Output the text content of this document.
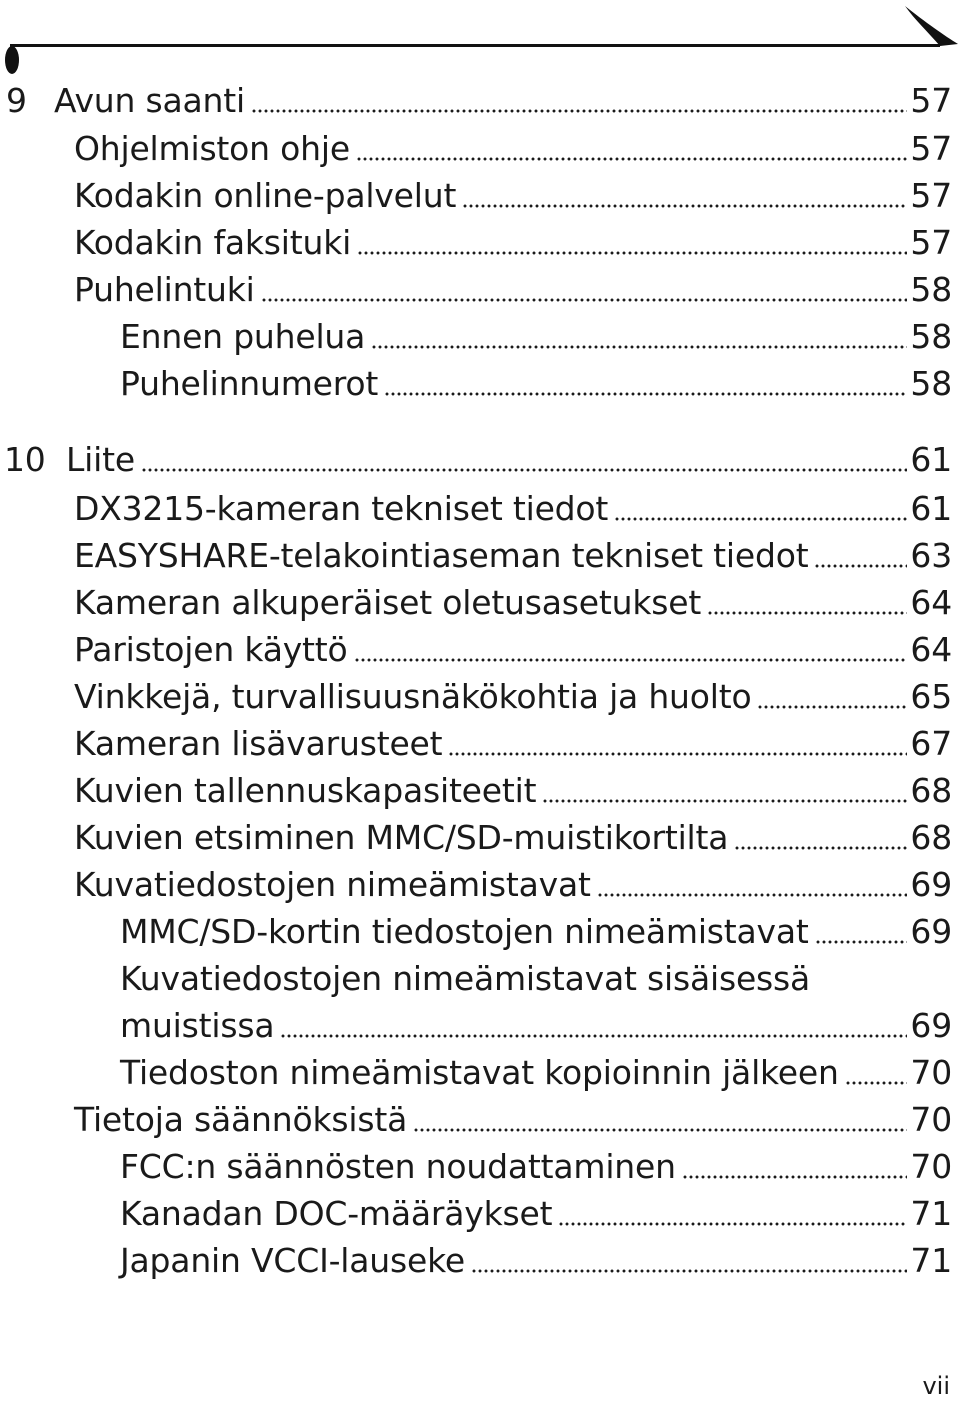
9 Avun saanti	57
Ohjelmiston ohje	57
Kodakin online-palvelut	57
Kodakin faksituki	57
Puhelintuki	58
Ennen puhelua	58
Puhelinnumerot	58
10 Liite	61
DX3215-kameran tekniset tiedot	61
EASYSHARE-telakointiaseman tekniset tiedot	63
Kameran alkuperäiset oletusasetukset	64
Paristojen käyttö	64
Vinkkejä, turvallisuusnäkökohtia ja huolto	65
Kameran lisävarusteet	67
Kuvien tallennuskapasiteetit	68
Kuvien etsiminen MMC/SD-muistikortilta	68
Kuvatiedostojen nimeämistavat	69
MMC/SD-kortin tiedostojen nimeämistavat	69
Kuvatiedostojen nimeämistavat sisäisessä
muistissa	69
Tiedoston nimeämistavat kopioinnin jälkeen 70
Tietoja säännöksistä	70
FCC:n säännösten noudattaminen	70
Kanadan DOC-määräykset	71
Japanin VCCI-lauseke	71
vii
